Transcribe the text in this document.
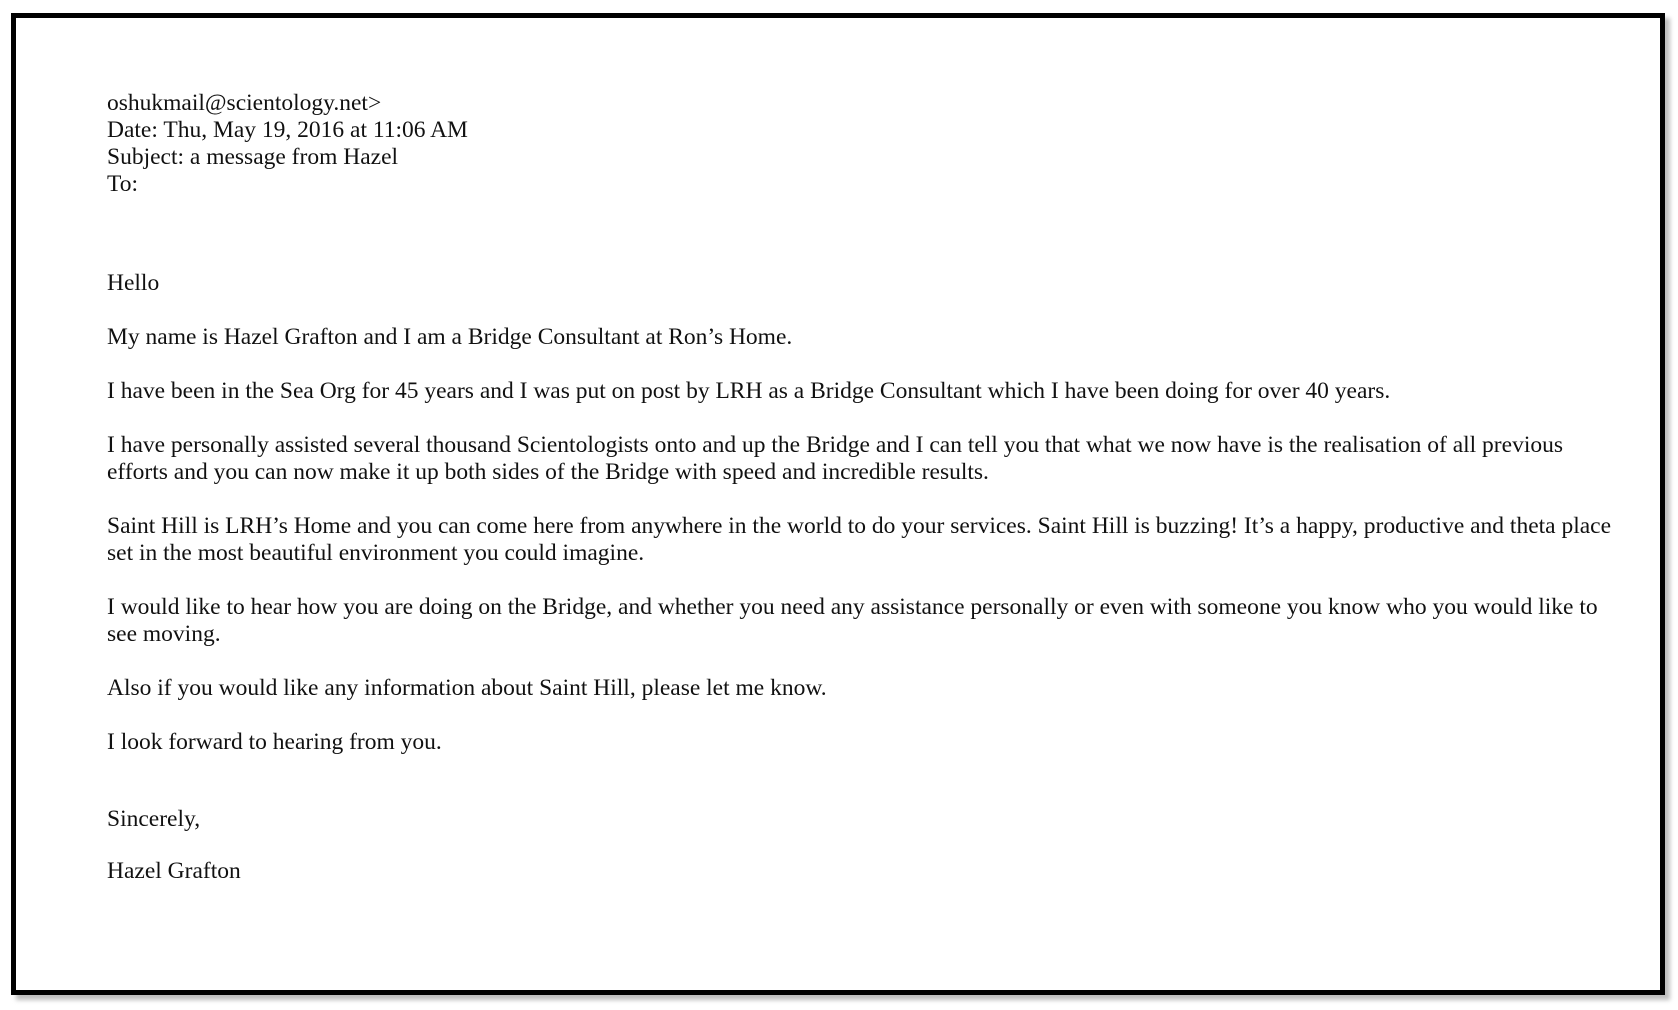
oshukmail@scientology.net>

Date: Thu, May 19, 2016 at 11:06 AM

Subject: a message from Hazel

To:

Hello

My name is Hazel Grafton and I am a Bridge Consultant at Ron’s Home.

I have been in the Sea Org for 45 years and I was put on post by LRH as a Bridge Consultant which I have been doing for over 40 years.

I have personally assisted several thousand Scientologists onto and up the Bridge and I can tell you that what we now have is the realisation of all previous efforts and you can now make it up both sides of the Bridge with speed and incredible results.

Saint Hill is LRH’s Home and you can come here from anywhere in the world to do your services. Saint Hill is buzzing! It’s a happy, productive and theta place set in the most beautiful environment you could imagine.

I would like to hear how you are doing on the Bridge, and whether you need any assistance personally or even with someone you know who you would like to see moving.

Also if you would like any information about Saint Hill, please let me know.

I look forward to hearing from you.

Sincerely,

Hazel Grafton
